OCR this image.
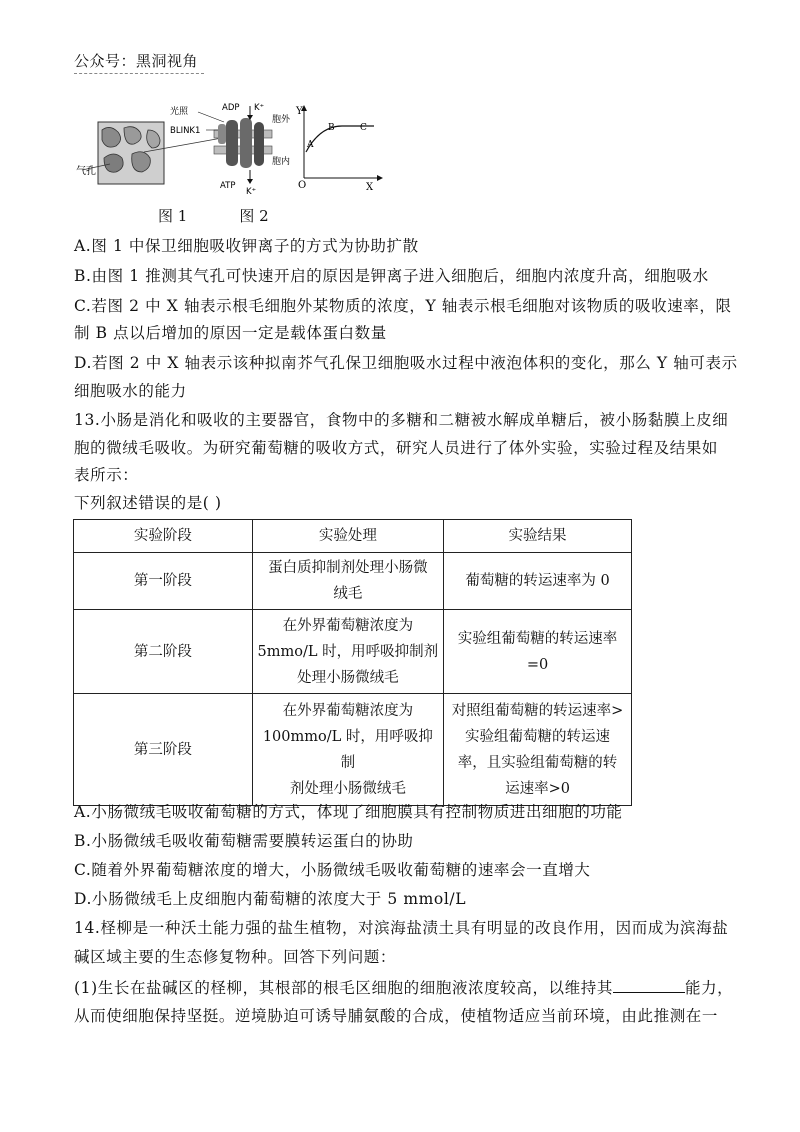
公众号：黑洞视角
气孔
光照	ADP K⁺
BLINK1
胞外
胞内
ATP
K⁺
Y
X
O
A
B	C
图 1	图 2
A.图 1 中保卫细胞吸收钾离子的方式为协助扩散
B.由图 1 推测其气孔可快速开启的原因是钾离子进入细胞后，细胞内浓度升高，细胞吸水
C.若图 2 中 X 轴表示根毛细胞外某物质的浓度，Y 轴表示根毛细胞对该物质的吸收速率，限
制 B 点以后增加的原因一定是载体蛋白数量
D.若图 2 中 X 轴表示该种拟南芥气孔保卫细胞吸水过程中液泡体积的变化，那么 Y 轴可表示
细胞吸水的能力
13.小肠是消化和吸收的主要器官，食物中的多糖和二糖被水解成单糖后，被小肠黏膜上皮细
胞的微绒毛吸收。为研究葡萄糖的吸收方式，研究人员进行了体外实验，实验过程及结果如
表所示：
下列叙述错误的是( )
实验阶段	实验处理	实验结果
第一阶段	蛋白质抑制剂处理小肠微
绒毛	葡萄糖的转运速率为 0
第二阶段	在外界葡萄糖浓度为
5mmo/L 时，用呼吸抑制剂
处理小肠微绒毛	实验组葡萄糖的转运速率
=0
第三阶段	在外界葡萄糖浓度为
100mmo/L 时，用呼吸抑制
剂处理小肠微绒毛	对照组葡萄糖的转运速率>
实验组葡萄糖的转运速
率，且实验组葡萄糖的转
运速率>0
A.小肠微绒毛吸收葡萄糖的方式，体现了细胞膜具有控制物质进出细胞的功能
B.小肠微绒毛吸收葡萄糖需要膜转运蛋白的协助
C.随着外界葡萄糖浓度的增大，小肠微绒毛吸收葡萄糖的速率会一直增大
D.小肠微绒毛上皮细胞内葡萄糖的浓度大于 5 mmol/L
14.柽柳是一种沃土能力强的盐生植物，对滨海盐渍土具有明显的改良作用，因而成为滨海盐
碱区域主要的生态修复物种。回答下列问题：
(1)生长在盐碱区的柽柳，其根部的根毛区细胞的细胞液浓度较高，以维持其	能力，
从而使细胞保持坚挺。逆境胁迫可诱导脯氨酸的合成，使植物适应当前环境，由此推测在一
